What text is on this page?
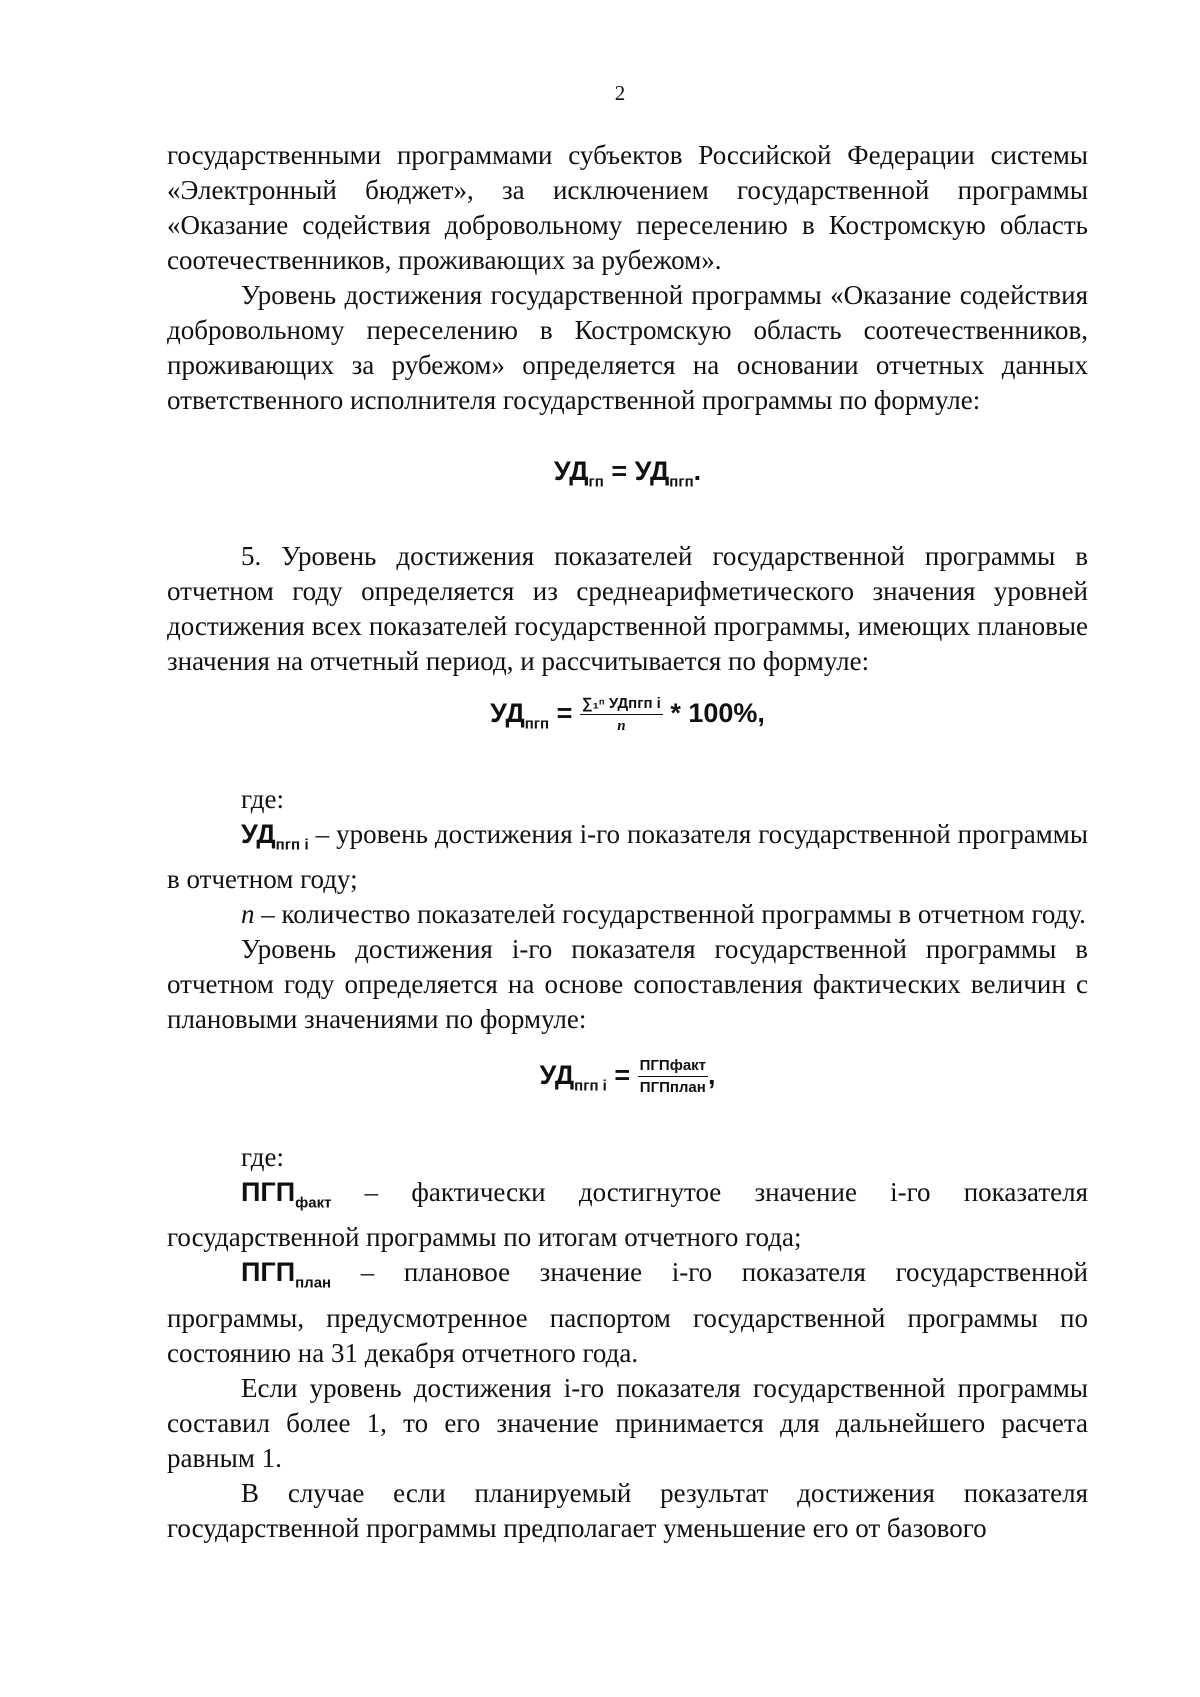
2

государственными программами субъектов Российской Федерации системы «Электронный бюджет», за исключением государственной программы «Оказание содействия добровольному переселению в Костромскую область соотечественников, проживающих за рубежом».

Уровень достижения государственной программы «Оказание содействия добровольному переселению в Костромскую область соотечественников, проживающих за рубежом» определяется на основании отчетных данных ответственного исполнителя государственной программы по формуле:

$УД_{гп} = УД_{пгп}$.

5. Уровень достижения показателей государственной программы в отчетном году определяется из среднеарифметического значения уровней достижения всех показателей государственной программы, имеющих плановые значения на отчетный период, и рассчитывается по формуле:

$УД_{пгп} = \frac{\text{∑₁ⁿ УДпгп i}}{n} * 100\%$,

где:

$УД_{пгп i}$ – уровень достижения i-го показателя государственной программы в отчетном году;

n – количество показателей государственной программы в отчетном году.

Уровень достижения i-го показателя государственной программы в отчетном году определяется на основе сопоставления фактических величин с плановыми значениями по формуле:

$УД_{пгп i} = \frac{\text{ПГПфакт}}{\text{ПГПплан}}$ ,

где:

$ПГП_{факт}$ – фактически достигнутое значение i-го показателя государственной программы по итогам отчетного года;

$ПГП_{план}$ – плановое значение i-го показателя государственной программы, предусмотренное паспортом государственной программы по состоянию на 31 декабря отчетного года.

Если уровень достижения i-го показателя государственной программы составил более 1, то его значение принимается для дальнейшего расчета равным 1.

В случае если планируемый результат достижения показателя государственной программы предполагает уменьшение его от базового
